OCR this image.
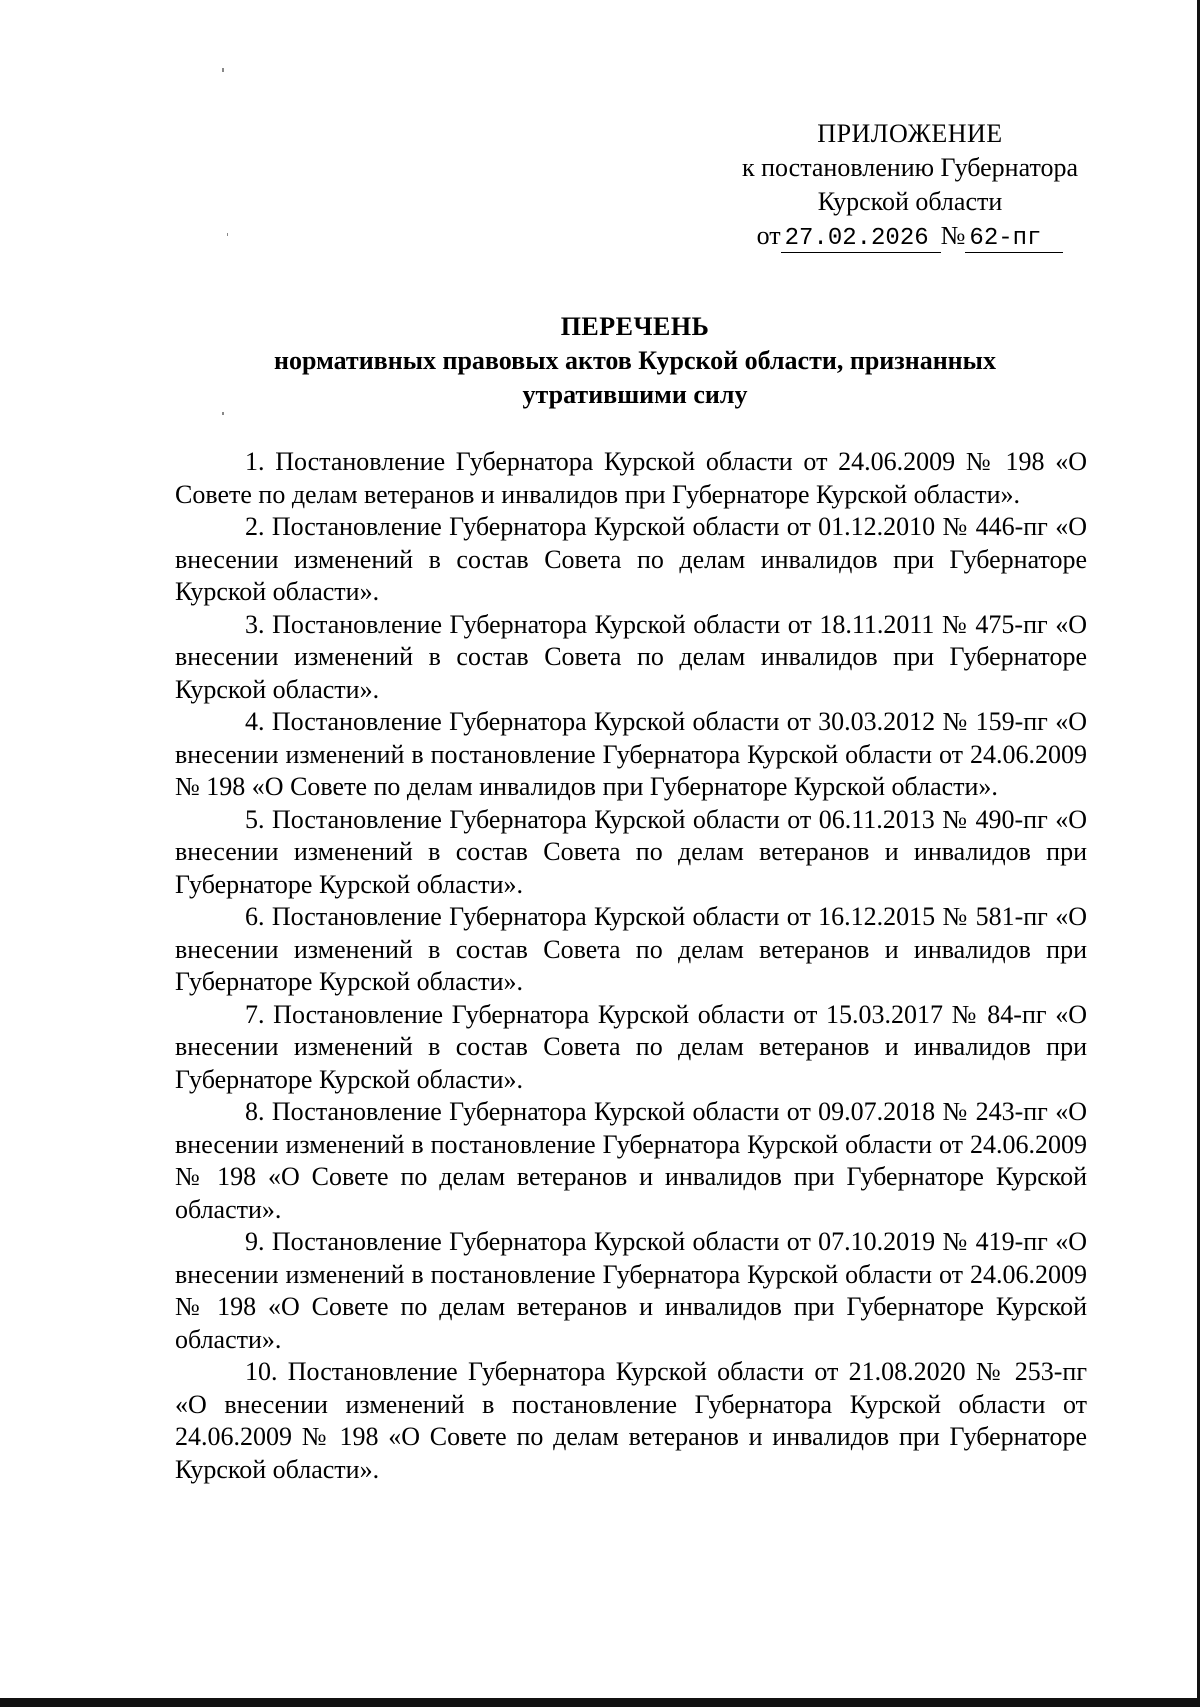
ПРИЛОЖЕНИЕ
к постановлению Губернатора
Курской области
от 27.02.2026 № 62-пг
ПЕРЕЧЕНЬ
нормативных правовых актов Курской области, признанных
утратившими силу

1. Постановление Губернатора Курской области от 24.06.2009 № 198 «О Совете по делам ветеранов и инвалидов при Губернаторе Курской области».

2. Постановление Губернатора Курской области от 01.12.2010 № 446-пг «О внесении изменений в состав Совета по делам инвалидов при Губернаторе Курской области».

3. Постановление Губернатора Курской области от 18.11.2011 № 475-пг «О внесении изменений в состав Совета по делам инвалидов при Губернаторе Курской области».

4. Постановление Губернатора Курской области от 30.03.2012 № 159-пг «О внесении изменений в постановление Губернатора Курской области от 24.06.2009 № 198 «О Совете по делам инвалидов при Губернаторе Курской области».

5. Постановление Губернатора Курской области от 06.11.2013 № 490-пг «О внесении изменений в состав Совета по делам ветеранов и инвалидов при Губернаторе Курской области».

6. Постановление Губернатора Курской области от 16.12.2015 № 581-пг «О внесении изменений в состав Совета по делам ветеранов и инвалидов при Губернаторе Курской области».

7. Постановление Губернатора Курской области от 15.03.2017 № 84-пг «О внесении изменений в состав Совета по делам ветеранов и инвалидов при Губернаторе Курской области».

8. Постановление Губернатора Курской области от 09.07.2018 № 243-пг «О внесении изменений в постановление Губернатора Курской области от 24.06.2009 № 198 «О Совете по делам ветеранов и инвалидов при Губернаторе Курской области».

9. Постановление Губернатора Курской области от 07.10.2019 № 419-пг «О внесении изменений в постановление Губернатора Курской области от 24.06.2009 № 198 «О Совете по делам ветеранов и инвалидов при Губернаторе Курской области».

10. Постановление Губернатора Курской области от 21.08.2020 № 253-пг «О внесении изменений в постановление Губернатора Курской области от 24.06.2009 № 198 «О Совете по делам ветеранов и инвалидов при Губернаторе Курской области».
